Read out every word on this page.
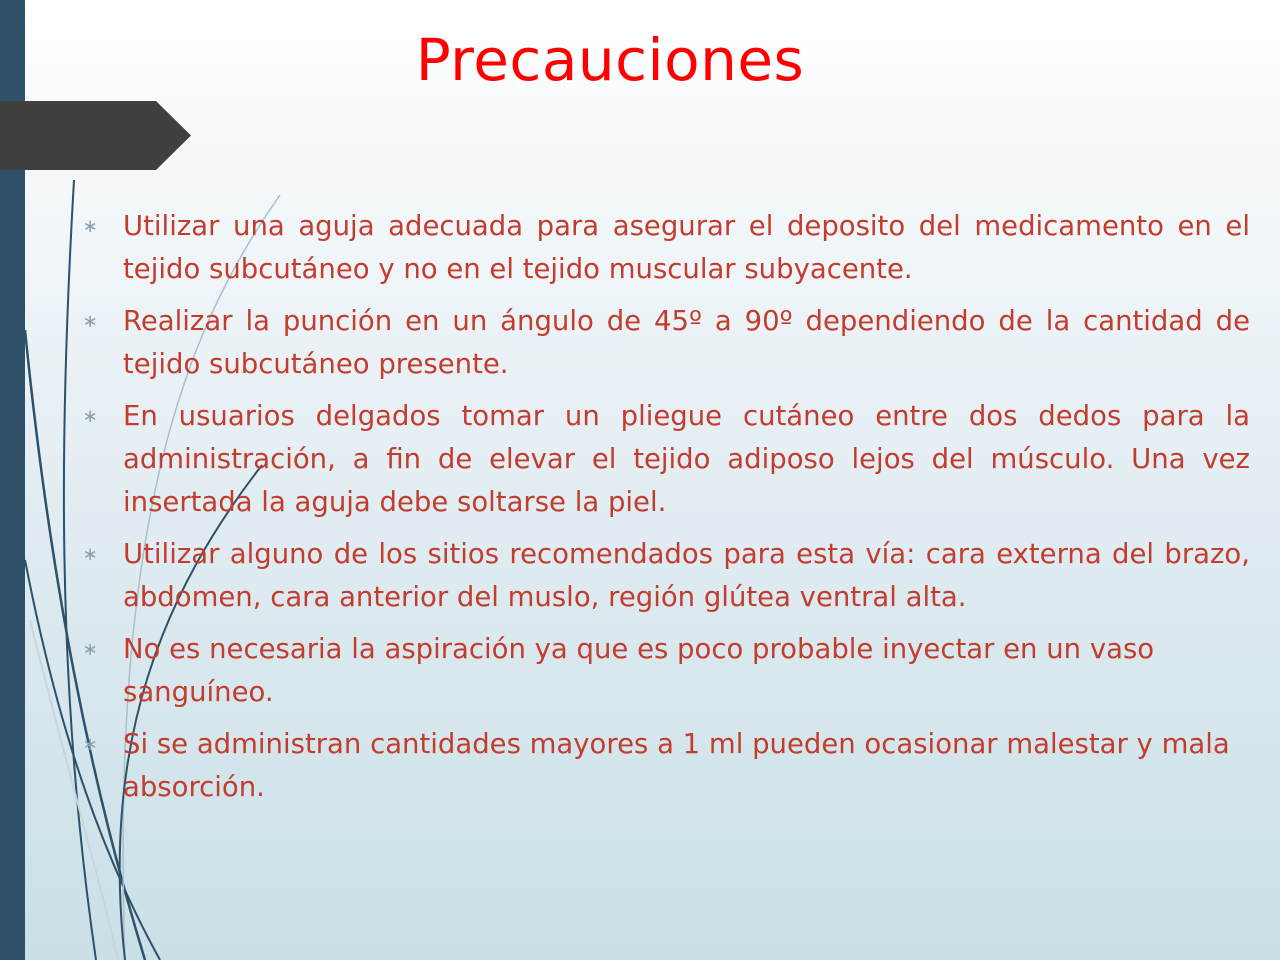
Precauciones
∗ Utilizar una aguja adecuada para asegurar el deposito del medicamento en el tejido subcutáneo y no en el tejido muscular subyacente.
∗ Realizar la punción en un ángulo de 45º a 90º dependiendo de la cantidad de tejido subcutáneo presente.
∗ En usuarios delgados tomar un pliegue cutáneo entre dos dedos para la administración, a fin de elevar el tejido adiposo lejos del músculo. Una vez insertada la aguja debe soltarse la piel.
∗ Utilizar alguno de los sitios recomendados para esta vía: cara externa del brazo, abdomen, cara anterior del muslo, región glútea ventral alta.
∗ No es necesaria la aspiración ya que es poco probable inyectar en un vaso sanguíneo.
∗ Si se administran cantidades mayores a 1 ml pueden ocasionar malestar y mala absorción.
